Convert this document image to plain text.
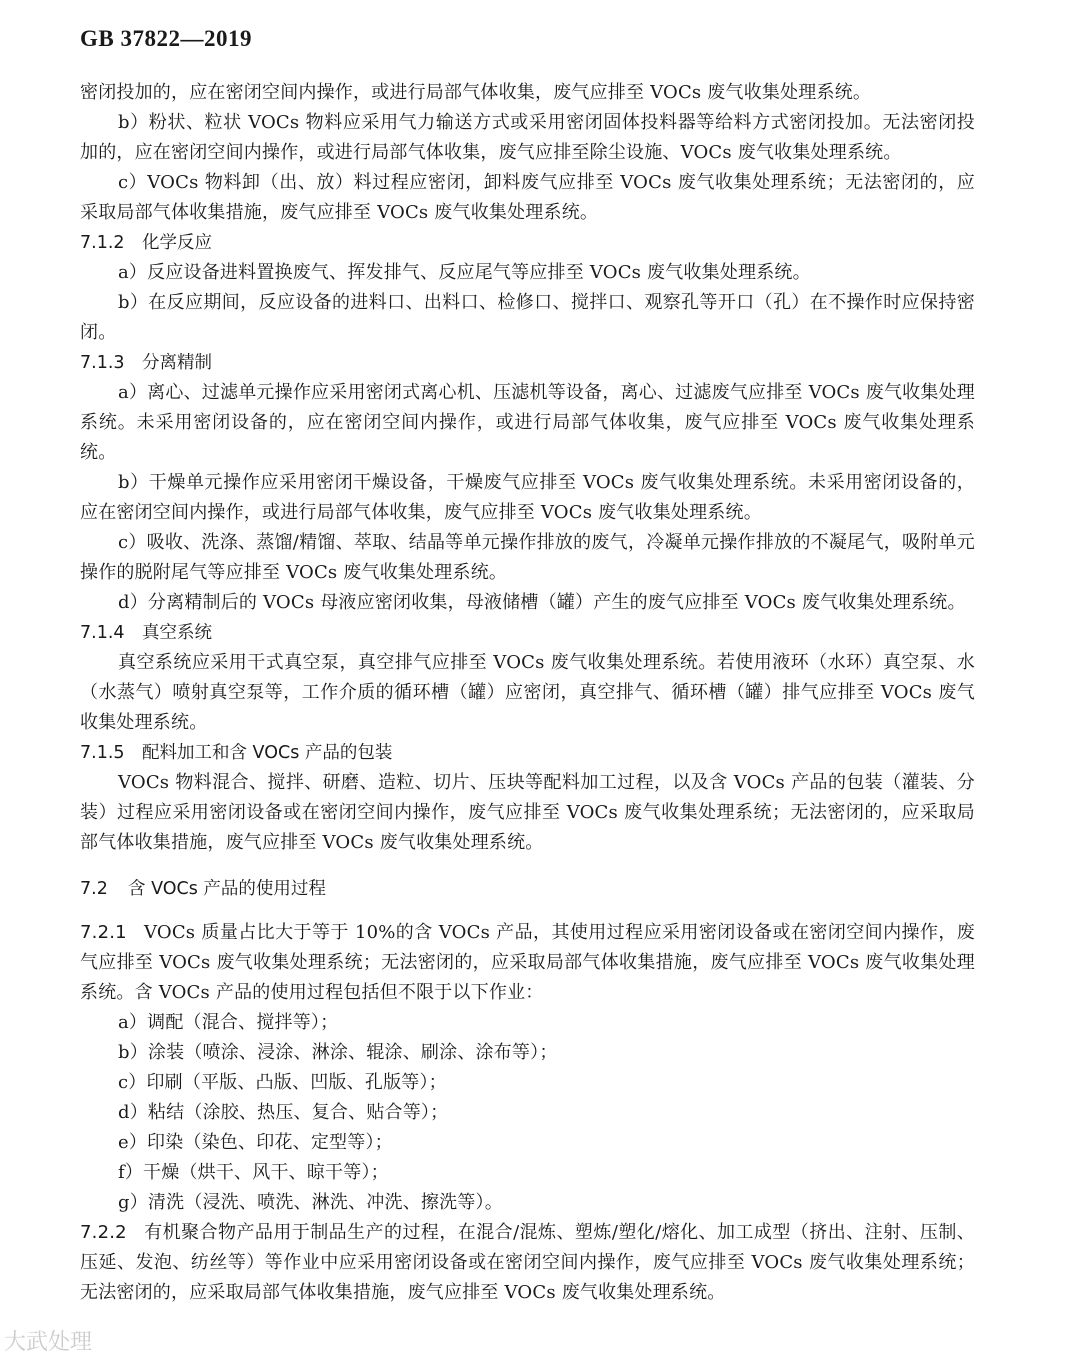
GB 37822—2019

密闭投加的，应在密闭空间内操作，或进行局部气体收集，废气应排至 VOCs 废气收集处理系统。

b）粉状、粒状 VOCs 物料应采用气力输送方式或采用密闭固体投料器等给料方式密闭投加。无法密闭投加的，应在密闭空间内操作，或进行局部气体收集，废气应排至除尘设施、VOCs 废气收集处理系统。

c）VOCs 物料卸（出、放）料过程应密闭，卸料废气应排至 VOCs 废气收集处理系统；无法密闭的，应采取局部气体收集措施，废气应排至 VOCs 废气收集处理系统。

7.1.2 化学反应

a）反应设备进料置换废气、挥发排气、反应尾气等应排至 VOCs 废气收集处理系统。

b）在反应期间，反应设备的进料口、出料口、检修口、搅拌口、观察孔等开口（孔）在不操作时应保持密闭。

7.1.3 分离精制

a）离心、过滤单元操作应采用密闭式离心机、压滤机等设备，离心、过滤废气应排至 VOCs 废气收集处理系统。未采用密闭设备的，应在密闭空间内操作，或进行局部气体收集，废气应排至 VOCs 废气收集处理系统。

b）干燥单元操作应采用密闭干燥设备，干燥废气应排至 VOCs 废气收集处理系统。未采用密闭设备的，应在密闭空间内操作，或进行局部气体收集，废气应排至 VOCs 废气收集处理系统。

c）吸收、洗涤、蒸馏/精馏、萃取、结晶等单元操作排放的废气，冷凝单元操作排放的不凝尾气，吸附单元操作的脱附尾气等应排至 VOCs 废气收集处理系统。

d）分离精制后的 VOCs 母液应密闭收集，母液储槽（罐）产生的废气应排至 VOCs 废气收集处理系统。

7.1.4 真空系统

真空系统应采用干式真空泵，真空排气应排至 VOCs 废气收集处理系统。若使用液环（水环）真空泵、水（水蒸气）喷射真空泵等，工作介质的循环槽（罐）应密闭，真空排气、循环槽（罐）排气应排至 VOCs 废气收集处理系统。

7.1.5 配料加工和含 VOCs 产品的包装

VOCs 物料混合、搅拌、研磨、造粒、切片、压块等配料加工过程，以及含 VOCs 产品的包装（灌装、分装）过程应采用密闭设备或在密闭空间内操作，废气应排至 VOCs 废气收集处理系统；无法密闭的，应采取局部气体收集措施，废气应排至 VOCs 废气收集处理系统。

7.2 含 VOCs 产品的使用过程

7.2.1 VOCs 质量占比大于等于 10%的含 VOCs 产品，其使用过程应采用密闭设备或在密闭空间内操作，废气应排至 VOCs 废气收集处理系统；无法密闭的，应采取局部气体收集措施，废气应排至 VOCs 废气收集处理系统。含 VOCs 产品的使用过程包括但不限于以下作业：

a）调配（混合、搅拌等）；

b）涂装（喷涂、浸涂、淋涂、辊涂、刷涂、涂布等）；

c）印刷（平版、凸版、凹版、孔版等）；

d）粘结（涂胶、热压、复合、贴合等）；

e）印染（染色、印花、定型等）；

f）干燥（烘干、风干、晾干等）；

g）清洗（浸洗、喷洗、淋洗、冲洗、擦洗等）。

7.2.2 有机聚合物产品用于制品生产的过程，在混合/混炼、塑炼/塑化/熔化、加工成型（挤出、注射、压制、压延、发泡、纺丝等）等作业中应采用密闭设备或在密闭空间内操作，废气应排至 VOCs 废气收集处理系统；无法密闭的，应采取局部气体收集措施，废气应排至 VOCs 废气收集处理系统。

大武处理
